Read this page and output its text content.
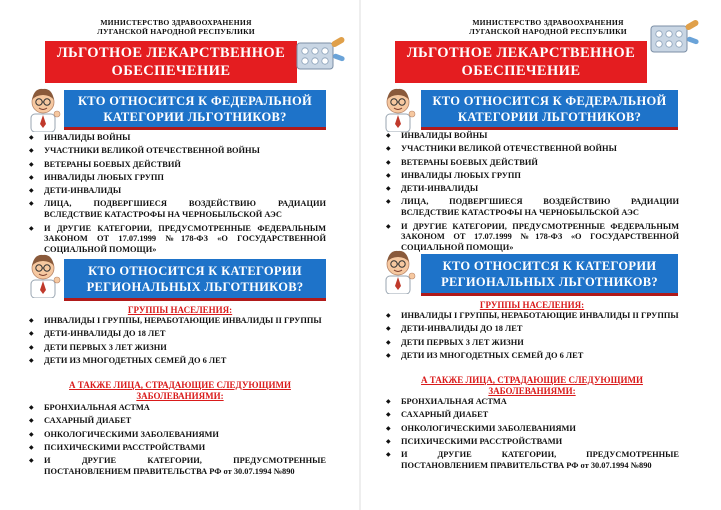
МИНИСТЕРСТВО ЗДРАВООХРАНЕНИЯ
ЛУГАНСКОЙ НАРОДНОЙ РЕСПУБЛИКИ
ЛЬГОТНОЕ ЛЕКАРСТВЕННОЕ
ОБЕСПЕЧЕНИЕ
КТО ОТНОСИТСЯ К ФЕДЕРАЛЬНОЙ
КАТЕГОРИИ ЛЬГОТНИКОВ?
◆ ИНВАЛИДЫ ВОЙНЫ
◆ УЧАСТНИКИ ВЕЛИКОЙ ОТЕЧЕСТВЕННОЙ ВОЙНЫ
◆ ВЕТЕРАНЫ БОЕВЫХ ДЕЙСТВИЙ
◆ ИНВАЛИДЫ ЛЮБЫХ ГРУПП
◆ ДЕТИ-ИНВАЛИДЫ
◆ ЛИЦА, ПОДВЕРГШИЕСЯ ВОЗДЕЙСТВИЮ РАДИАЦИИ ВСЛЕДСТВИЕ КАТАСТРОФЫ НА ЧЕРНОБЫЛЬСКОЙ АЭС
◆ И ДРУГИЕ КАТЕГОРИИ, ПРЕДУСМОТРЕННЫЕ ФЕДЕРАЛЬНЫМ ЗАКОНОМ ОТ 17.07.1999 №178-ФЗ «О ГОСУДАРСТВЕННОЙ СОЦИАЛЬНОЙ ПОМОЩИ»
КТО ОТНОСИТСЯ К КАТЕГОРИИ
РЕГИОНАЛЬНЫХ ЛЬГОТНИКОВ?
ГРУППЫ НАСЕЛЕНИЯ:
◆ ИНВАЛИДЫ I ГРУППЫ, НЕРАБОТАЮЩИЕ ИНВАЛИДЫ II ГРУППЫ
◆ ДЕТИ-ИНВАЛИДЫ ДО 18 ЛЕТ
◆ ДЕТИ ПЕРВЫХ 3 ЛЕТ ЖИЗНИ
◆ ДЕТИ ИЗ МНОГОДЕТНЫХ СЕМЕЙ ДО 6 ЛЕТ
А ТАКЖЕ ЛИЦА, СТРАДАЮЩИЕ СЛЕДУЮЩИМИ ЗАБОЛЕВАНИЯМИ:
◆ БРОНХИАЛЬНАЯ АСТМА
◆ САХАРНЫЙ ДИАБЕТ
◆ ОНКОЛОГИЧЕСКИМИ ЗАБОЛЕВАНИЯМИ
◆ ПСИХИЧЕСКИМИ РАССТРОЙСТВАМИ
◆ И ДРУГИЕ КАТЕГОРИИ, ПРЕДУСМОТРЕННЫЕ ПОСТАНОВЛЕНИЕМ ПРАВИТЕЛЬСТВА РФ от 30.07.1994 №890
МИНИСТЕРСТВО ЗДРАВООХРАНЕНИЯ
ЛУГАНСКОЙ НАРОДНОЙ РЕСПУБЛИКИ
ЛЬГОТНОЕ ЛЕКАРСТВЕННОЕ
ОБЕСПЕЧЕНИЕ
КТО ОТНОСИТСЯ К ФЕДЕРАЛЬНОЙ
КАТЕГОРИИ ЛЬГОТНИКОВ?
◆ ИНВАЛИДЫ ВОЙНЫ
◆ УЧАСТНИКИ ВЕЛИКОЙ ОТЕЧЕСТВЕННОЙ ВОЙНЫ
◆ ВЕТЕРАНЫ БОЕВЫХ ДЕЙСТВИЙ
◆ ИНВАЛИДЫ ЛЮБЫХ ГРУПП
◆ ДЕТИ-ИНВАЛИДЫ
◆ ЛИЦА, ПОДВЕРГШИЕСЯ ВОЗДЕЙСТВИЮ РАДИАЦИИ ВСЛЕДСТВИЕ КАТАСТРОФЫ НА ЧЕРНОБЫЛЬСКОЙ АЭС
◆ И ДРУГИЕ КАТЕГОРИИ, ПРЕДУСМОТРЕННЫЕ ФЕДЕРАЛЬНЫМ ЗАКОНОМ ОТ 17.07.1999 №178-ФЗ «О ГОСУДАРСТВЕННОЙ СОЦИАЛЬНОЙ ПОМОЩИ»
КТО ОТНОСИТСЯ К КАТЕГОРИИ
РЕГИОНАЛЬНЫХ ЛЬГОТНИКОВ?
ГРУППЫ НАСЕЛЕНИЯ:
◆ ИНВАЛИДЫ I ГРУППЫ, НЕРАБОТАЮЩИЕ ИНВАЛИДЫ II ГРУППЫ
◆ ДЕТИ-ИНВАЛИДЫ ДО 18 ЛЕТ
◆ ДЕТИ ПЕРВЫХ 3 ЛЕТ ЖИЗНИ
◆ ДЕТИ ИЗ МНОГОДЕТНЫХ СЕМЕЙ ДО 6 ЛЕТ
А ТАКЖЕ ЛИЦА, СТРАДАЮЩИЕ СЛЕДУЮЩИМИ ЗАБОЛЕВАНИЯМИ:
◆ БРОНХИАЛЬНАЯ АСТМА
◆ САХАРНЫЙ ДИАБЕТ
◆ ОНКОЛОГИЧЕСКИМИ ЗАБОЛЕВАНИЯМИ
◆ ПСИХИЧЕСКИМИ РАССТРОЙСТВАМИ
◆ И ДРУГИЕ КАТЕГОРИИ, ПРЕДУСМОТРЕННЫЕ ПОСТАНОВЛЕНИЕМ ПРАВИТЕЛЬСТВА РФ от 30.07.1994 №890
